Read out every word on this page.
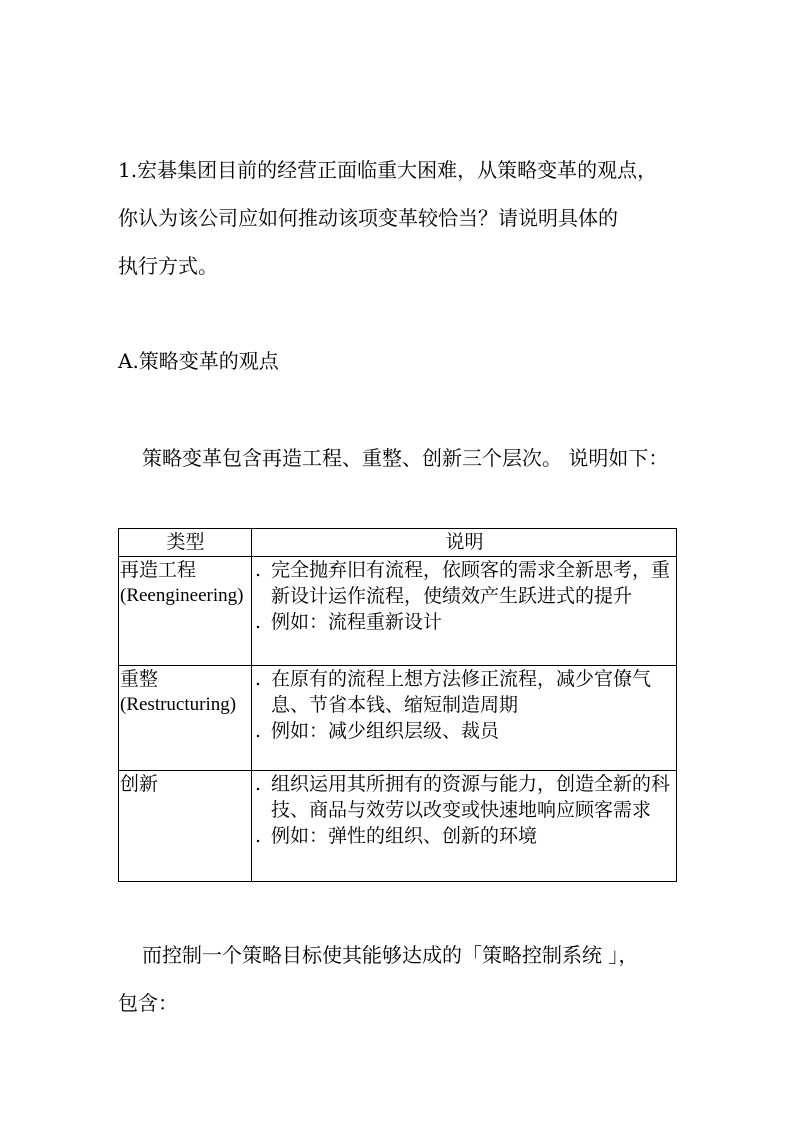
1.宏碁集团目前的经营正面临重大困难，从策略变革的观点，
你认为该公司应如何推动该项变革较恰当？请说明具体的
执行方式。
A.策略变革的观点
策略变革包含再造工程、重整、创新三个层次。 说明如下：
类型	说明

再造工程
(Reengineering)	. 完全抛弃旧有流程，依顾客的需求全新思考，重新设计运作流程，使绩效产生跃进式的提升
. 例如：流程重新设计

重整
(Restructuring)	. 在原有的流程上想方法修正流程，减少官僚气息、节省本钱、缩短制造周期
. 例如：减少组织层级、裁员

创新	. 组织运用其所拥有的资源与能力，创造全新的科技、商品与效劳以改变或快速地响应顾客需求
. 例如：弹性的组织、创新的环境
而控制一个策略目标使其能够达成的「策略控制系统 」，
包含：
